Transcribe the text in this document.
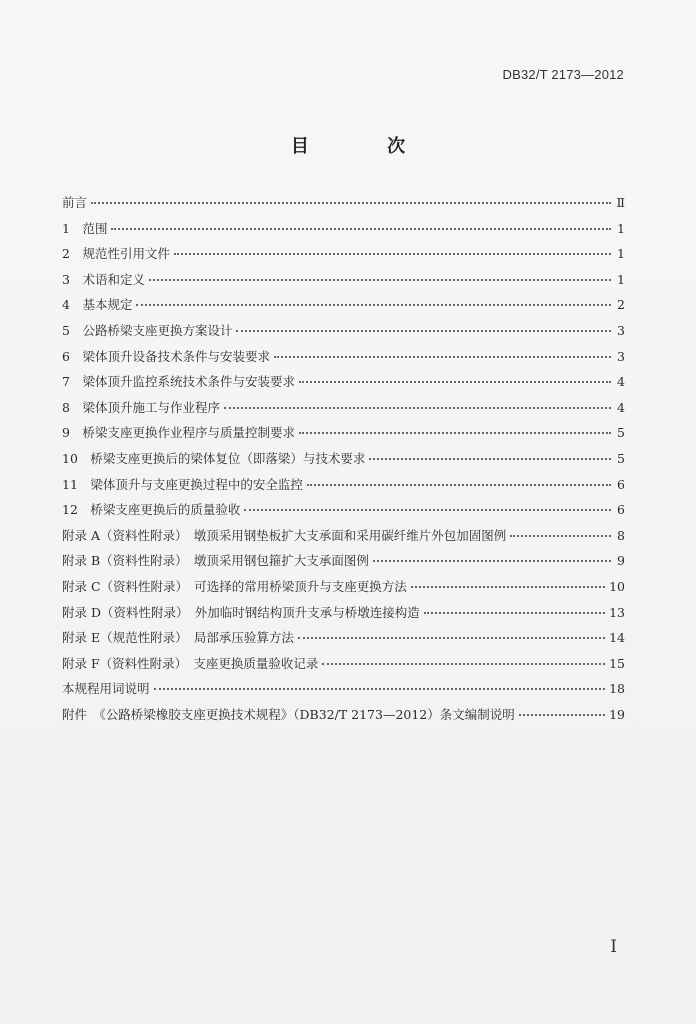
DB32/T 2173—2012
目 次
前言	Ⅱ
1　范围	1
2　规范性引用文件	1
3　术语和定义	1
4　基本规定	2
5　公路桥梁支座更换方案设计	3
6　梁体顶升设备技术条件与安装要求	3
7　梁体顶升监控系统技术条件与安装要求	4
8　梁体顶升施工与作业程序	4
9　桥梁支座更换作业程序与质量控制要求	5
10　桥梁支座更换后的梁体复位（即落梁）与技术要求	5
11　梁体顶升与支座更换过程中的安全监控	6
12　桥梁支座更换后的质量验收	6
附录 A（资料性附录）　墩顶采用钢垫板扩大支承面和采用碳纤维片外包加固图例	8
附录 B（资料性附录）　墩顶采用钢包箍扩大支承面图例	9
附录 C（资料性附录）　可选择的常用桥梁顶升与支座更换方法	10
附录 D（资料性附录）　外加临时钢结构顶升支承与桥墩连接构造	13
附录 E（规范性附录）　局部承压验算方法	14
附录 F（资料性附录）　支座更换质量验收记录	15
本规程用词说明	18
附件　《公路桥梁橡胶支座更换技术规程》（DB32/T 2173—2012）条文编制说明	19
I
